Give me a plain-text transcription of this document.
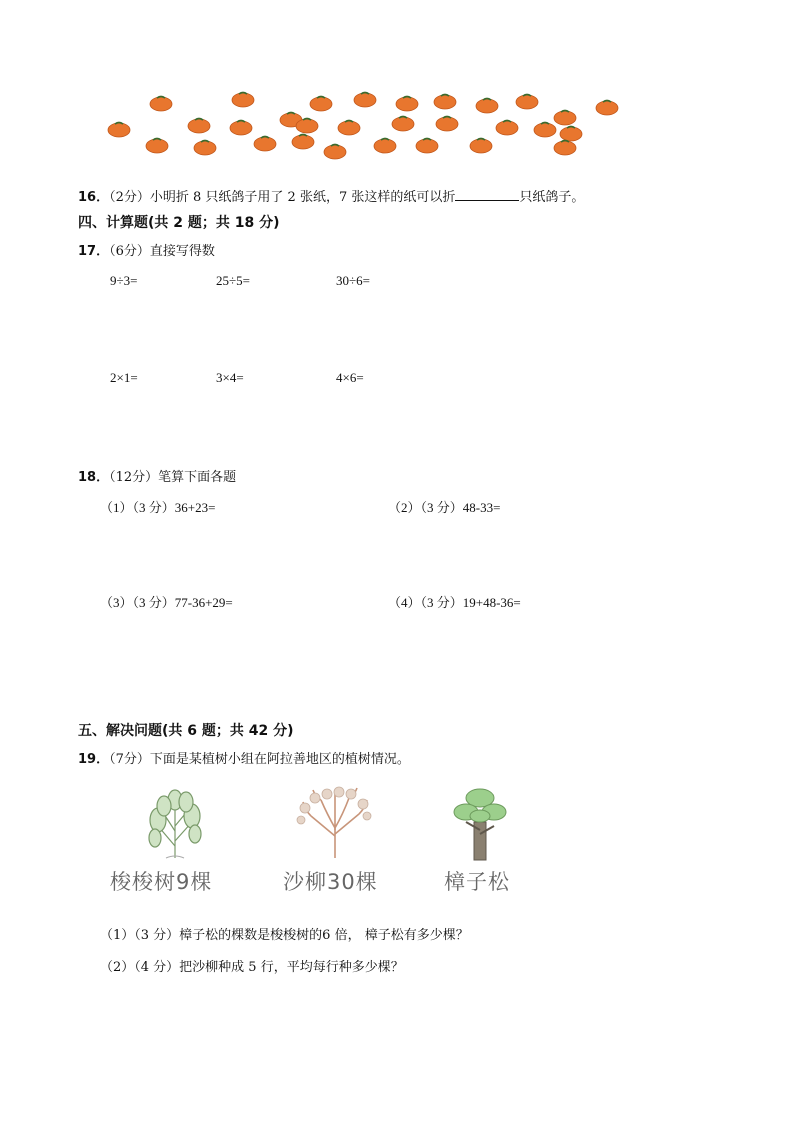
16．（2分）小明折 8 只纸鸽子用了 2 张纸，7 张这样的纸可以折	只纸鸽子。
四、计算题(共 2 题；共 18 分)
17．（6分）直接写得数
9÷3=	25÷5=	30÷6=
2×1=	3×4=	4×6=
18．（12分）笔算下面各题
（1）（3 分）36+23=	（2）（3 分）48-33=
（3）（3 分）77-36+29=	（4）（3 分）19+48-36=
五、解决问题(共 6 题；共 42 分)
19．（7分）下面是某植树小组在阿拉善地区的植树情况。
梭梭树9棵	沙柳30棵	樟子松
（1）（3 分）樟子松的棵数是梭梭树的6 倍， 樟子松有多少棵？
（2）（4 分）把沙柳种成 5 行，平均每行种多少棵？
